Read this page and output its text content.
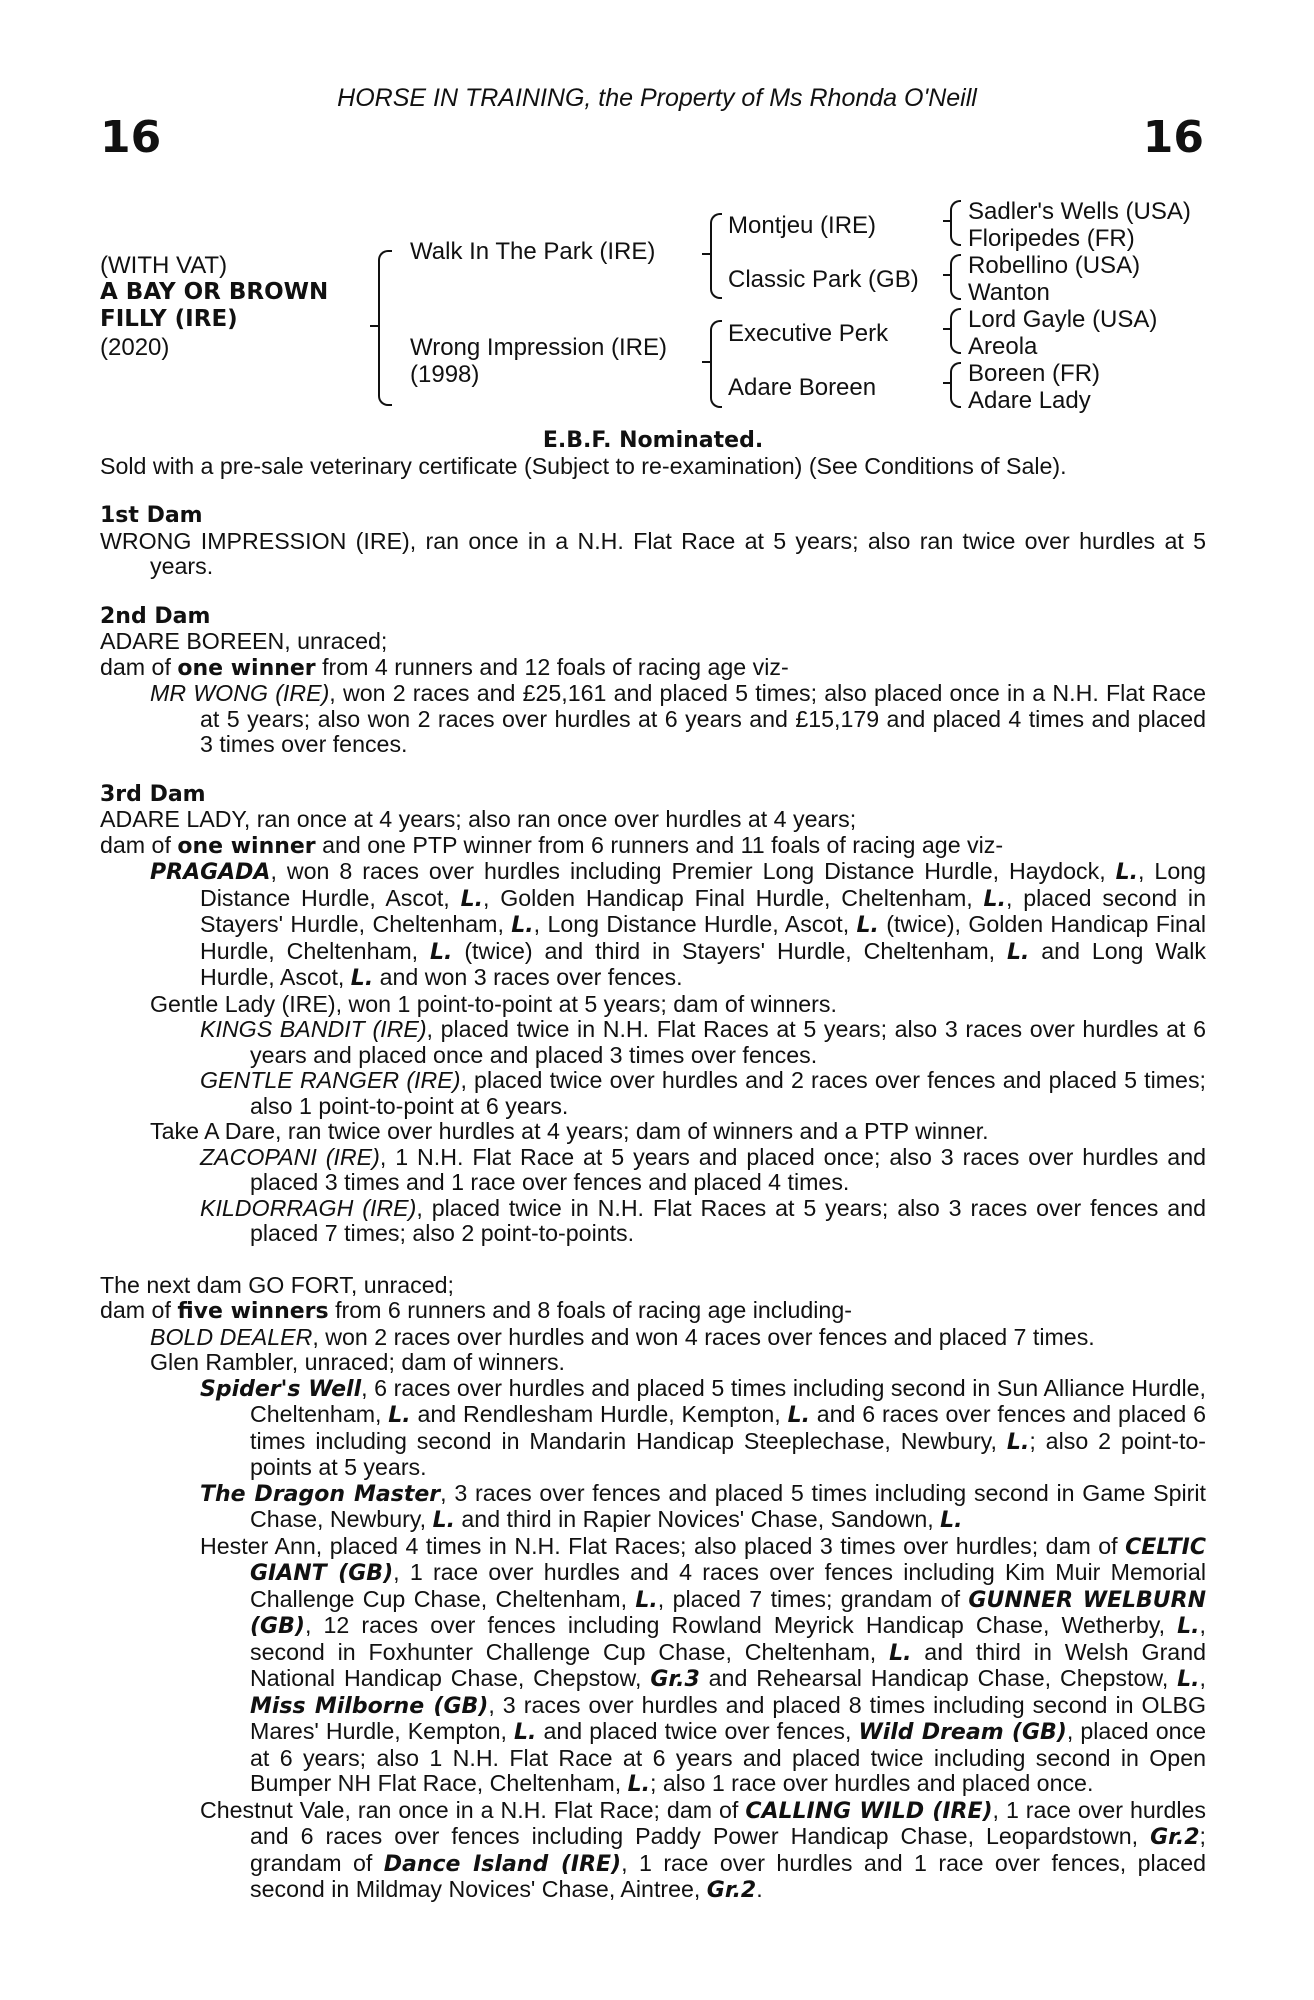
HORSE IN TRAINING, the Property of Ms Rhonda O'Neill
16	16
(WITH VAT)
A BAY OR BROWN
FILLY (IRE)
(2020)
Walk In The Park (IRE)
Wrong Impression (IRE)
(1998)
Montjeu (IRE)
Classic Park (GB)
Executive Perk
Adare Boreen
Sadler's Wells (USA)
Floripedes (FR)
Robellino (USA)
Wanton
Lord Gayle (USA)
Areola
Boreen (FR)
Adare Lady

E.B.F. Nominated.

Sold with a pre-sale veterinary certificate (Subject to re-examination) (See Conditions of Sale).

1st Dam

WRONG IMPRESSION (IRE), ran once in a N.H. Flat Race at 5 years; also ran twice over hurdles at 5 years.

2nd Dam

ADARE BOREEN, unraced;

dam of one winner from 4 runners and 12 foals of racing age viz-

MR WONG (IRE), won 2 races and £25,161 and placed 5 times; also placed once in a N.H. Flat Race at 5 years; also won 2 races over hurdles at 6 years and £15,179 and placed 4 times and placed 3 times over fences.

3rd Dam

ADARE LADY, ran once at 4 years; also ran once over hurdles at 4 years;

dam of one winner and one PTP winner from 6 runners and 11 foals of racing age viz-

PRAGADA, won 8 races over hurdles including Premier Long Distance Hurdle, Haydock, L., Long Distance Hurdle, Ascot, L., Golden Handicap Final Hurdle, Cheltenham, L., placed second in Stayers' Hurdle, Cheltenham, L., Long Distance Hurdle, Ascot, L. (twice), Golden Handicap Final Hurdle, Cheltenham, L. (twice) and third in Stayers' Hurdle, Cheltenham, L. and Long Walk Hurdle, Ascot, L. and won 3 races over fences.

Gentle Lady (IRE), won 1 point-to-point at 5 years; dam of winners.

KINGS BANDIT (IRE), placed twice in N.H. Flat Races at 5 years; also 3 races over hurdles at 6 years and placed once and placed 3 times over fences.

GENTLE RANGER (IRE), placed twice over hurdles and 2 races over fences and placed 5 times; also 1 point-to-point at 6 years.

Take A Dare, ran twice over hurdles at 4 years; dam of winners and a PTP winner.

ZACOPANI (IRE), 1 N.H. Flat Race at 5 years and placed once; also 3 races over hurdles and placed 3 times and 1 race over fences and placed 4 times.

KILDORRAGH (IRE), placed twice in N.H. Flat Races at 5 years; also 3 races over fences and placed 7 times; also 2 point-to-points.

The next dam GO FORT, unraced;

dam of five winners from 6 runners and 8 foals of racing age including-

BOLD DEALER, won 2 races over hurdles and won 4 races over fences and placed 7 times.

Glen Rambler, unraced; dam of winners.

Spider's Well, 6 races over hurdles and placed 5 times including second in Sun Alliance Hurdle, Cheltenham, L. and Rendlesham Hurdle, Kempton, L. and 6 races over fences and placed 6 times including second in Mandarin Handicap Steeplechase, Newbury, L.; also 2 point-to-points at 5 years.

The Dragon Master, 3 races over fences and placed 5 times including second in Game Spirit Chase, Newbury, L. and third in Rapier Novices' Chase, Sandown, L.

Hester Ann, placed 4 times in N.H. Flat Races; also placed 3 times over hurdles; dam of CELTIC GIANT (GB), 1 race over hurdles and 4 races over fences including Kim Muir Memorial Challenge Cup Chase, Cheltenham, L., placed 7 times; grandam of GUNNER WELBURN (GB), 12 races over fences including Rowland Meyrick Handicap Chase, Wetherby, L., second in Foxhunter Challenge Cup Chase, Cheltenham, L. and third in Welsh Grand National Handicap Chase, Chepstow, Gr.3 and Rehearsal Handicap Chase, Chepstow, L., Miss Milborne (GB), 3 races over hurdles and placed 8 times including second in OLBG Mares' Hurdle, Kempton, L. and placed twice over fences, Wild Dream (GB), placed once at 6 years; also 1 N.H. Flat Race at 6 years and placed twice including second in Open Bumper NH Flat Race, Cheltenham, L.; also 1 race over hurdles and placed once.

Chestnut Vale, ran once in a N.H. Flat Race; dam of CALLING WILD (IRE), 1 race over hurdles and 6 races over fences including Paddy Power Handicap Chase, Leopardstown, Gr.2; grandam of Dance Island (IRE), 1 race over hurdles and 1 race over fences, placed second in Mildmay Novices' Chase, Aintree, Gr.2.
